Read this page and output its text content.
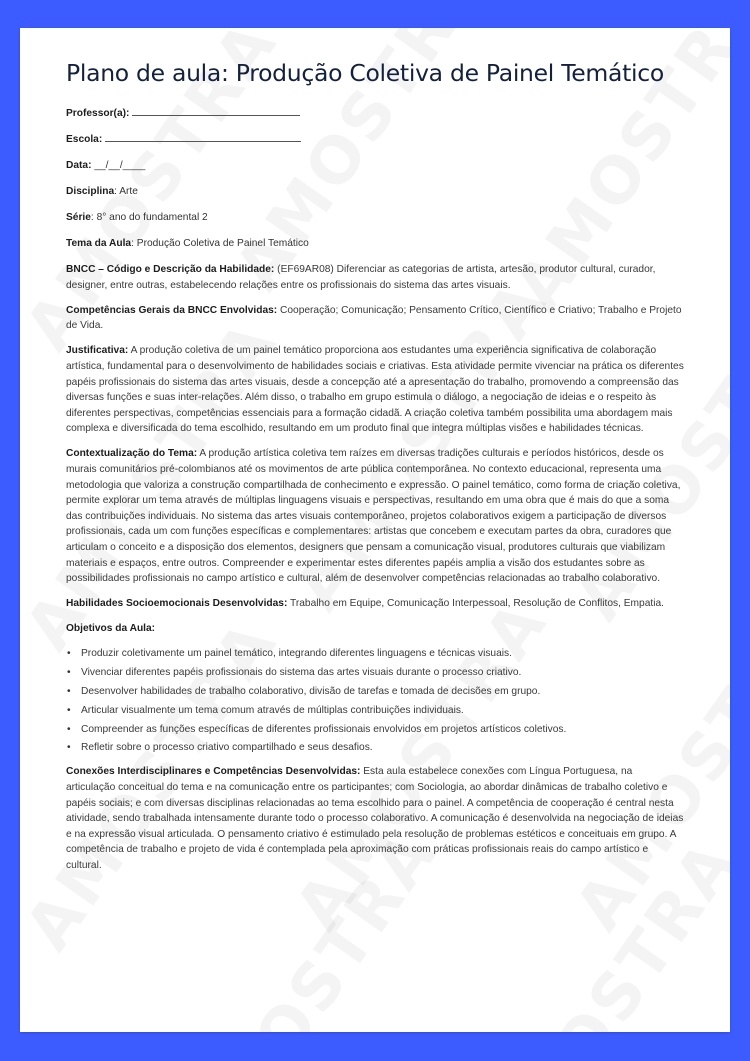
Plano de aula: Produção Coletiva de Painel Temático

Professor(a):

Escola:

Data: __/__/____

Disciplina: Arte

Série: 8° ano do fundamental 2

Tema da Aula: Produção Coletiva de Painel Temático

BNCC – Código e Descrição da Habilidade: (EF69AR08) Diferenciar as categorias de artista, artesão, produtor cultural, curador, designer, entre outras, estabelecendo relações entre os profissionais do sistema das artes visuais.

Competências Gerais da BNCC Envolvidas: Cooperação; Comunicação; Pensamento Crítico, Científico e Criativo; Trabalho e Projeto de Vida.

Justificativa: A produção coletiva de um painel temático proporciona aos estudantes uma experiência significativa de colaboração artística, fundamental para o desenvolvimento de habilidades sociais e criativas. Esta atividade permite vivenciar na prática os diferentes papéis profissionais do sistema das artes visuais, desde a concepção até a apresentação do trabalho, promovendo a compreensão das diversas funções e suas inter-relações. Além disso, o trabalho em grupo estimula o diálogo, a negociação de ideias e o respeito às diferentes perspectivas, competências essenciais para a formação cidadã. A criação coletiva também possibilita uma abordagem mais complexa e diversificada do tema escolhido, resultando em um produto final que integra múltiplas visões e habilidades técnicas.

Contextualização do Tema: A produção artística coletiva tem raízes em diversas tradições culturais e períodos históricos, desde os murais comunitários pré-colombianos até os movimentos de arte pública contemporânea. No contexto educacional, representa uma metodologia que valoriza a construção compartilhada de conhecimento e expressão. O painel temático, como forma de criação coletiva, permite explorar um tema através de múltiplas linguagens visuais e perspectivas, resultando em uma obra que é mais do que a soma das contribuições individuais. No sistema das artes visuais contemporâneo, projetos colaborativos exigem a participação de diversos profissionais, cada um com funções específicas e complementares: artistas que concebem e executam partes da obra, curadores que articulam o conceito e a disposição dos elementos, designers que pensam a comunicação visual, produtores culturais que viabilizam materiais e espaços, entre outros. Compreender e experimentar estes diferentes papéis amplia a visão dos estudantes sobre as possibilidades profissionais no campo artístico e cultural, além de desenvolver competências relacionadas ao trabalho colaborativo.

Habilidades Socioemocionais Desenvolvidas: Trabalho em Equipe, Comunicação Interpessoal, Resolução de Conflitos, Empatia.

Objetivos da Aula:

• Produzir coletivamente um painel temático, integrando diferentes linguagens e técnicas visuais.
• Vivenciar diferentes papéis profissionais do sistema das artes visuais durante o processo criativo.
• Desenvolver habilidades de trabalho colaborativo, divisão de tarefas e tomada de decisões em grupo.
• Articular visualmente um tema comum através de múltiplas contribuições individuais.
• Compreender as funções específicas de diferentes profissionais envolvidos em projetos artísticos coletivos.
• Refletir sobre o processo criativo compartilhado e seus desafios.

Conexões Interdisciplinares e Competências Desenvolvidas: Esta aula estabelece conexões com Língua Portuguesa, na articulação conceitual do tema e na comunicação entre os participantes; com Sociologia, ao abordar dinâmicas de trabalho coletivo e papéis sociais; e com diversas disciplinas relacionadas ao tema escolhido para o painel. A competência de cooperação é central nesta atividade, sendo trabalhada intensamente durante todo o processo colaborativo. A comunicação é desenvolvida na negociação de ideias e na expressão visual articulada. O pensamento criativo é estimulado pela resolução de problemas estéticos e conceituais em grupo. A competência de trabalho e projeto de vida é contemplada pela aproximação com práticas profissionais reais do campo artístico e cultural.
